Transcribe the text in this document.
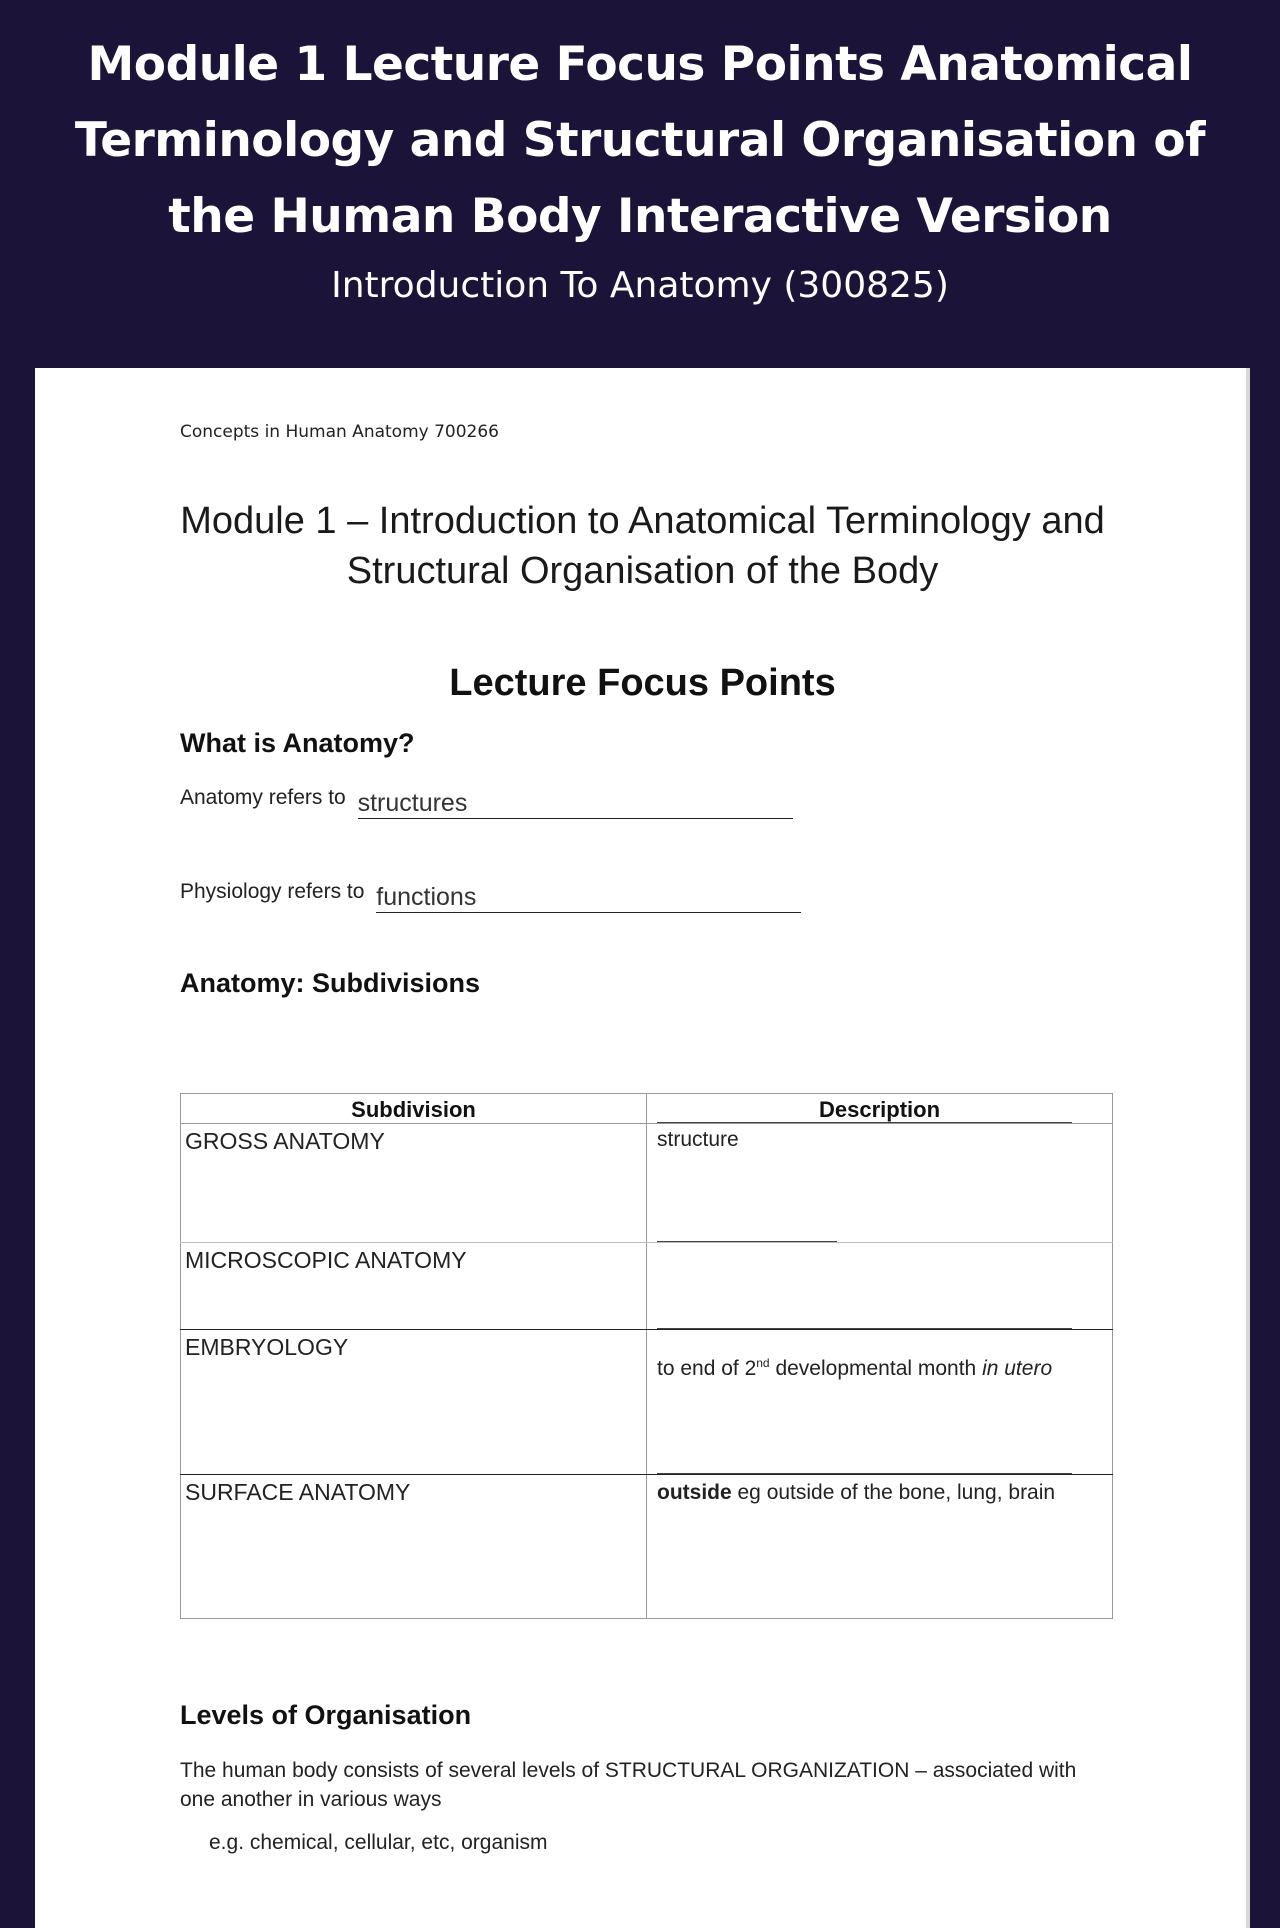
Module 1 Lecture Focus Points Anatomical Terminology and Structural Organisation of the Human Body Interactive Version
Introduction To Anatomy (300825)
Concepts in Human Anatomy 700266
Module 1 – Introduction to Anatomical Terminology and Structural Organisation of the Body
Lecture Focus Points
What is Anatomy?
Anatomy refers to structures
Physiology refers to functions
Anatomy: Subdivisions
Subdivision	Description
GROSS ANATOMY	structure
MICROSCOPIC ANATOMY	

EMBRYOLOGY	to end of 2nd developmental month in utero

SURFACE ANATOMY	outside eg outside of the bone, lung, brain
Levels of Organisation
The human body consists of several levels of STRUCTURAL ORGANIZATION – associated with one another in various ways
e.g. chemical, cellular, etc, organism
